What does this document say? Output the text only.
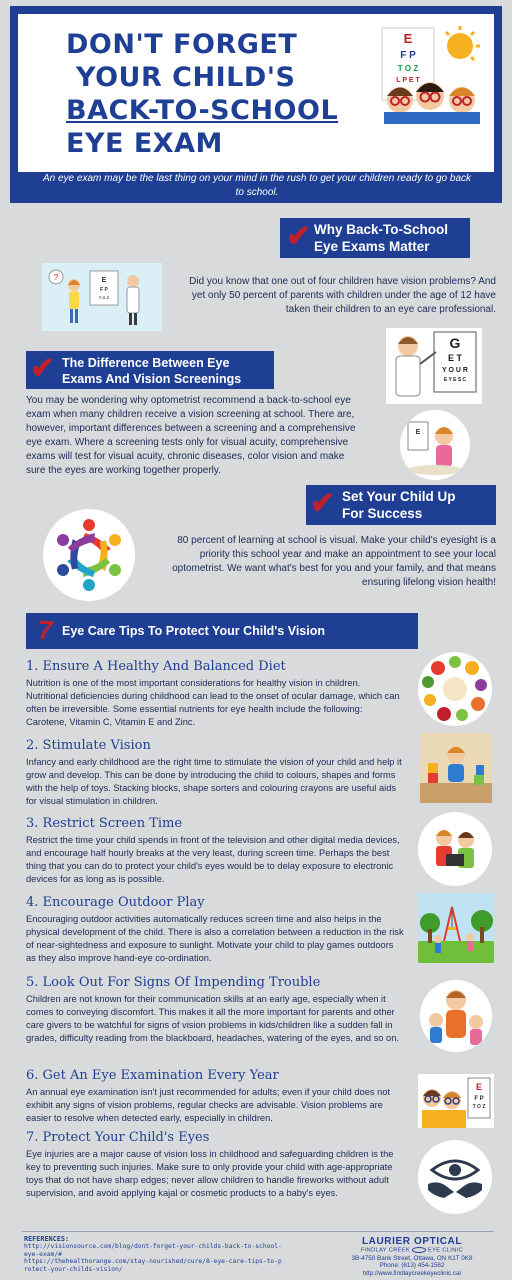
DON'T FORGET
YOUR CHILD'S
BACK-TO-SCHOOL
EYE EXAM
E
F P
T O Z
L P E T
An eye exam may be the last thing on your mind in the rush to get your children ready to go back to school.
Why Back-To-School
Eye Exams Matter
✔
E
F P
T O Z
?	Did you know that one out of four children have vision problems? And yet only 50 percent of parents with children under the age of 12 have taken their children to an eye care professional.
The Difference Between Eye
Exams And Vision Screenings
✔
G
E T
Y O U R
E Y E S C
You may be wondering why optometrist recommend a back-to-school eye exam when many children receive a vision screening at school. There are, however, important differences between a screening and a comprehensive eye exam. Where a screening tests only for visual acuity, comprehensive exams will test for visual acuity, chronic diseases, color vision and make sure the eyes are working together properly.
E
Set Your Child Up
For Success
✔
80 percent of learning at school is visual. Make your child's eyesight is a priority this school year and make an appointment to see your local optometrist. We want what's best for you and your family, and that means ensuring lifelong vision health!
7 Eye Care Tips To Protect Your Child's Vision
1. Ensure A Healthy And Balanced Diet
Nutrition is one of the most important considerations for healthy vision in children. Nutritional deficiencies during childhood can lead to the onset of ocular damage, which can often be irreversible. Some essential nutrients for eye health include the following: Carotene, Vitamin C, Vitamin E and Zinc.
2. Stimulate Vision
Infancy and early childhood are the right time to stimulate the vision of your child and help it grow and develop. This can be done by introducing the child to colours, shapes and forms with the help of toys. Stacking blocks, shape sorters and colouring crayons are useful aids for visual stimulation in children.
3. Restrict Screen Time
Restrict the time your child spends in front of the television and other digital media devices, and encourage half hourly breaks at the very least, during screen time. Perhaps the best thing that you can do to protect your child's eyes would be to delay exposure to electronic devices for as long as is possible.
4. Encourage Outdoor Play
Encouraging outdoor activities automatically reduces screen time and also helps in the physical development of the child. There is also a correlation between a reduction in the risk of near-sightedness and exposure to sunlight. Motivate your child to play games outdoors as they also improve hand-eye co-ordination.
5. Look Out For Signs Of Impending Trouble
Children are not known for their communication skills at an early age, especially when it comes to conveying discomfort. This makes it all the more important for parents and other care givers to be watchful for signs of vision problems in kids/children like a sudden fall in grades, difficulty reading from the blackboard, headaches, watering of the eyes, and so on.
6. Get An Eye Examination Every Year
An annual eye examination isn't just recommended for adults; even if your child does not exhibit any signs of vision problems, regular checks are advisable. Vision problems are easier to resolve when detected early, especially in children.
E
F P
T O Z
7. Protect Your Child's Eyes
Eye injuries are a major cause of vision loss in childhood and safeguarding children is the key to preventing such injuries. Make sure to only provide your child with age-appropriate toys that do not have sharp edges; never allow children to handle fireworks without adult supervision, and avoid applying kajal or cosmetic products to a baby's eyes.
REFERENCES:
http://visionsource.com/blog/dont-forget-your-childs-back-to-school-eye-exam/#
https://thehealthorange.com/stay-nourished/cure/8-eye-care-tips-to-protect-your-childs-vision/
LAURIER OPTICAL
FINDLAY CREEK	EYE CLINIC
3B-4750 Bank Street, Ottawa, ON K1T 0K8
Phone: (613) 454-1562
http://www.findlaycreekeyeclinic.ca/
